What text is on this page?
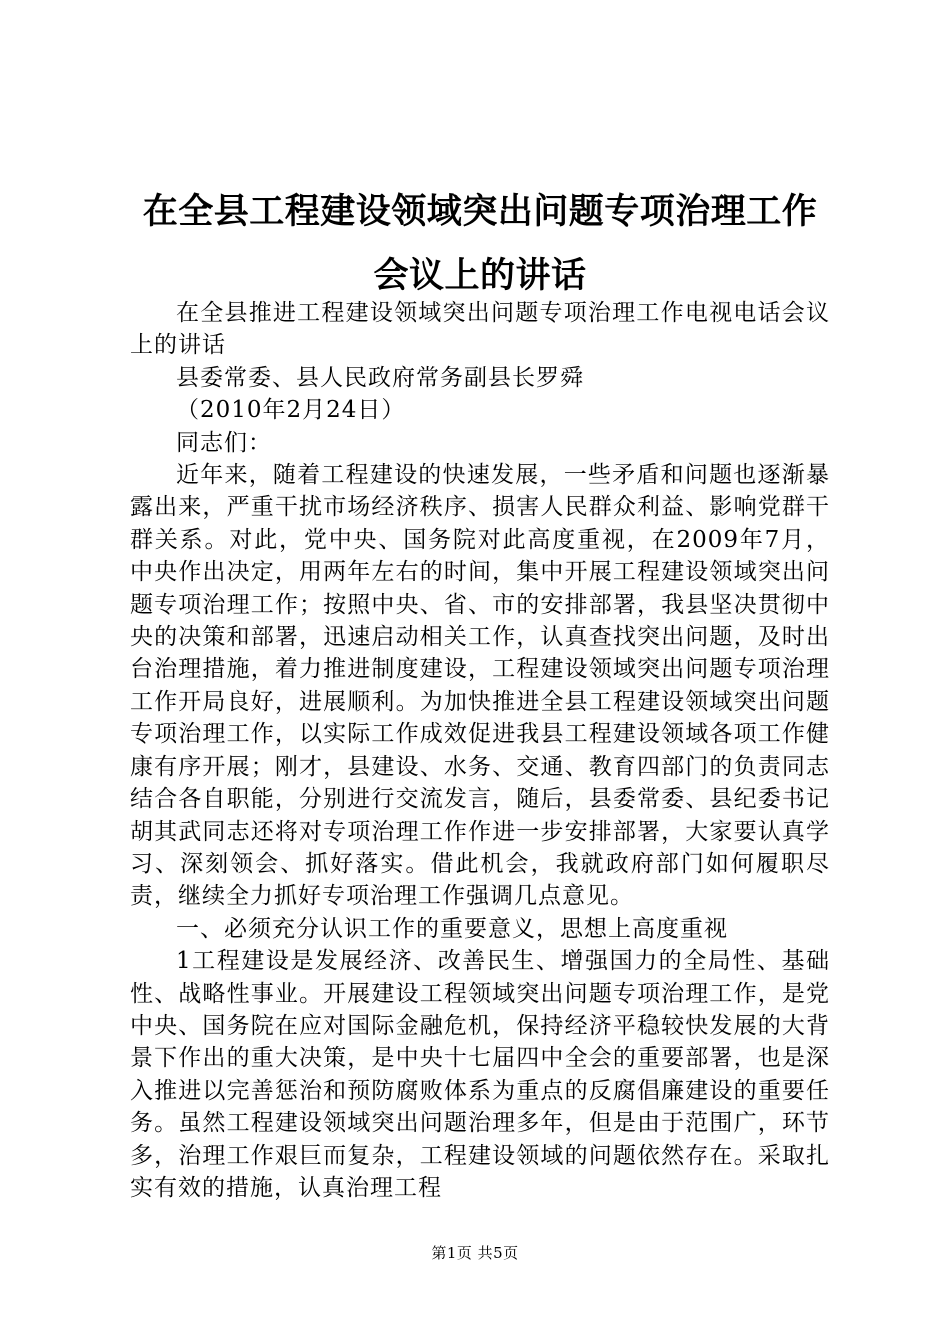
在全县工程建设领域突出问题专项治理工作会议上的讲话

在全县推进工程建设领域突出问题专项治理工作电视电话会议上的讲话

县委常委、县人民政府常务副县长罗舜

（2010年2月24日）

同志们：

近年来，随着工程建设的快速发展，一些矛盾和问题也逐渐暴露出来，严重干扰市场经济秩序、损害人民群众利益、影响党群干群关系。对此，党中央、国务院对此高度重视，在2009年7月，中央作出决定，用两年左右的时间，集中开展工程建设领域突出问题专项治理工作；按照中央、省、市的安排部署，我县坚决贯彻中央的决策和部署，迅速启动相关工作，认真查找突出问题，及时出台治理措施，着力推进制度建设，工程建设领域突出问题专项治理工作开局良好，进展顺利。为加快推进全县工程建设领域突出问题专项治理工作，以实际工作成效促进我县工程建设领域各项工作健康有序开展；刚才，县建设、水务、交通、教育四部门的负责同志结合各自职能，分别进行交流发言，随后，县委常委、县纪委书记胡其武同志还将对专项治理工作作进一步安排部署，大家要认真学习、深刻领会、抓好落实。借此机会，我就政府部门如何履职尽责，继续全力抓好专项治理工作强调几点意见。

一、必须充分认识工作的重要意义，思想上高度重视

1工程建设是发展经济、改善民生、增强国力的全局性、基础性、战略性事业。开展建设工程领域突出问题专项治理工作，是党中央、国务院在应对国际金融危机，保持经济平稳较快发展的大背景下作出的重大决策，是中央十七届四中全会的重要部署，也是深入推进以完善惩治和预防腐败体系为重点的反腐倡廉建设的重要任务。虽然工程建设领域突出问题治理多年，但是由于范围广，环节多，治理工作艰巨而复杂，工程建设领域的问题依然存在。采取扎实有效的措施，认真治理工程

第1页 共5页
